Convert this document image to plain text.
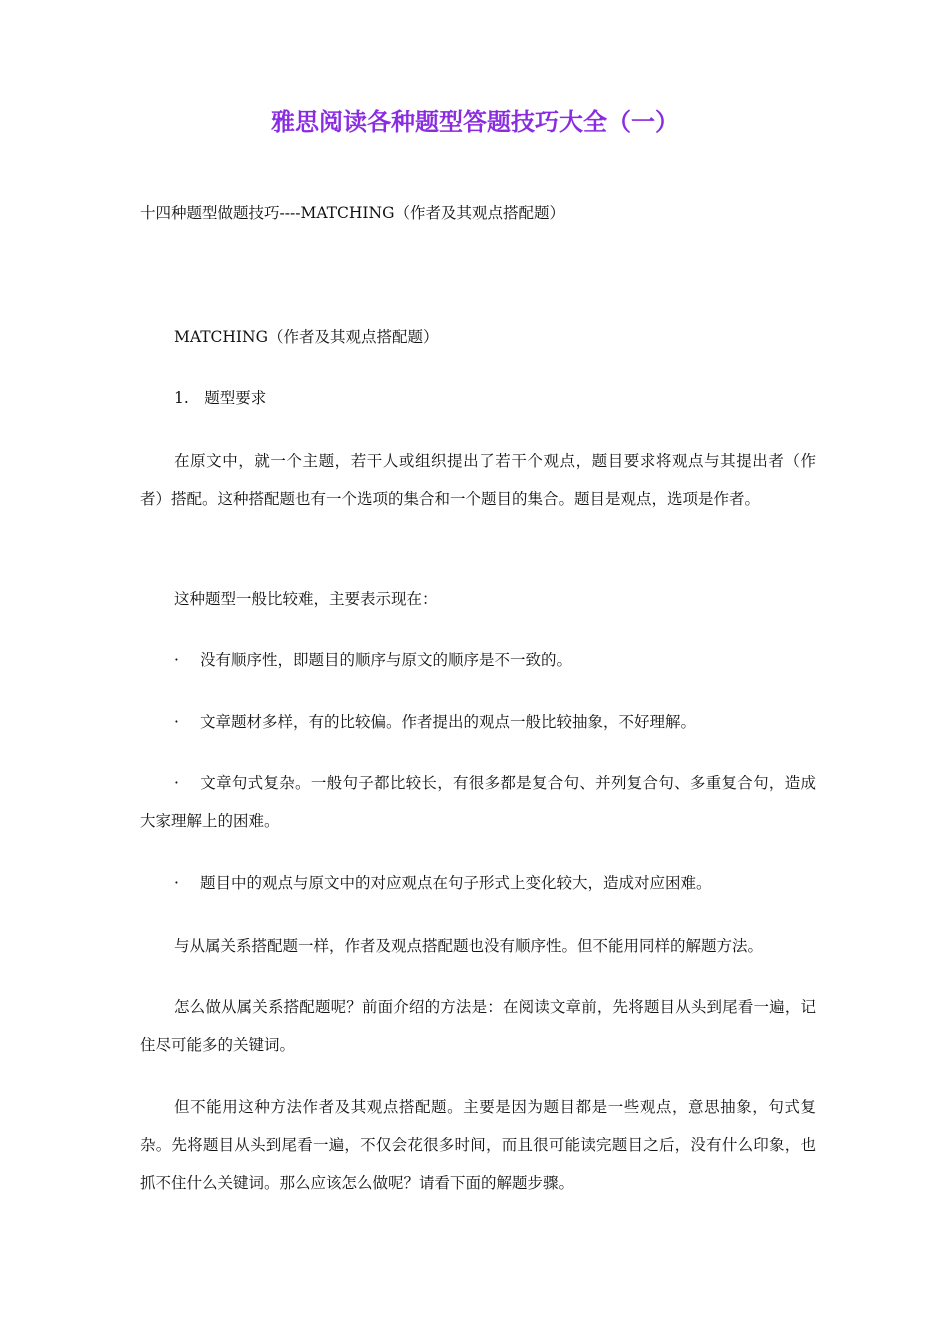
雅思阅读各种题型答题技巧大全（一）

十四种题型做题技巧----MATCHING（作者及其观点搭配题）

MATCHING（作者及其观点搭配题）

1.　题型要求

在原文中，就一个主题，若干人或组织提出了若干个观点，题目要求将观点与其提出者（作者）搭配。这种搭配题也有一个选项的集合和一个题目的集合。题目是观点，选项是作者。

这种题型一般比较难，主要表示现在：

· 没有顺序性，即题目的顺序与原文的顺序是不一致的。

· 文章题材多样，有的比较偏。作者提出的观点一般比较抽象，不好理解。

· 文章句式复杂。一般句子都比较长，有很多都是复合句、并列复合句、多重复合句，造成大家理解上的困难。

· 题目中的观点与原文中的对应观点在句子形式上变化较大，造成对应困难。

与从属关系搭配题一样，作者及观点搭配题也没有顺序性。但不能用同样的解题方法。

怎么做从属关系搭配题呢？前面介绍的方法是：在阅读文章前，先将题目从头到尾看一遍，记住尽可能多的关键词。

但不能用这种方法作者及其观点搭配题。主要是因为题目都是一些观点，意思抽象，句式复杂。先将题目从头到尾看一遍，不仅会花很多时间，而且很可能读完题目之后，没有什么印象，也抓不住什么关键词。那么应该怎么做呢？请看下面的解题步骤。
